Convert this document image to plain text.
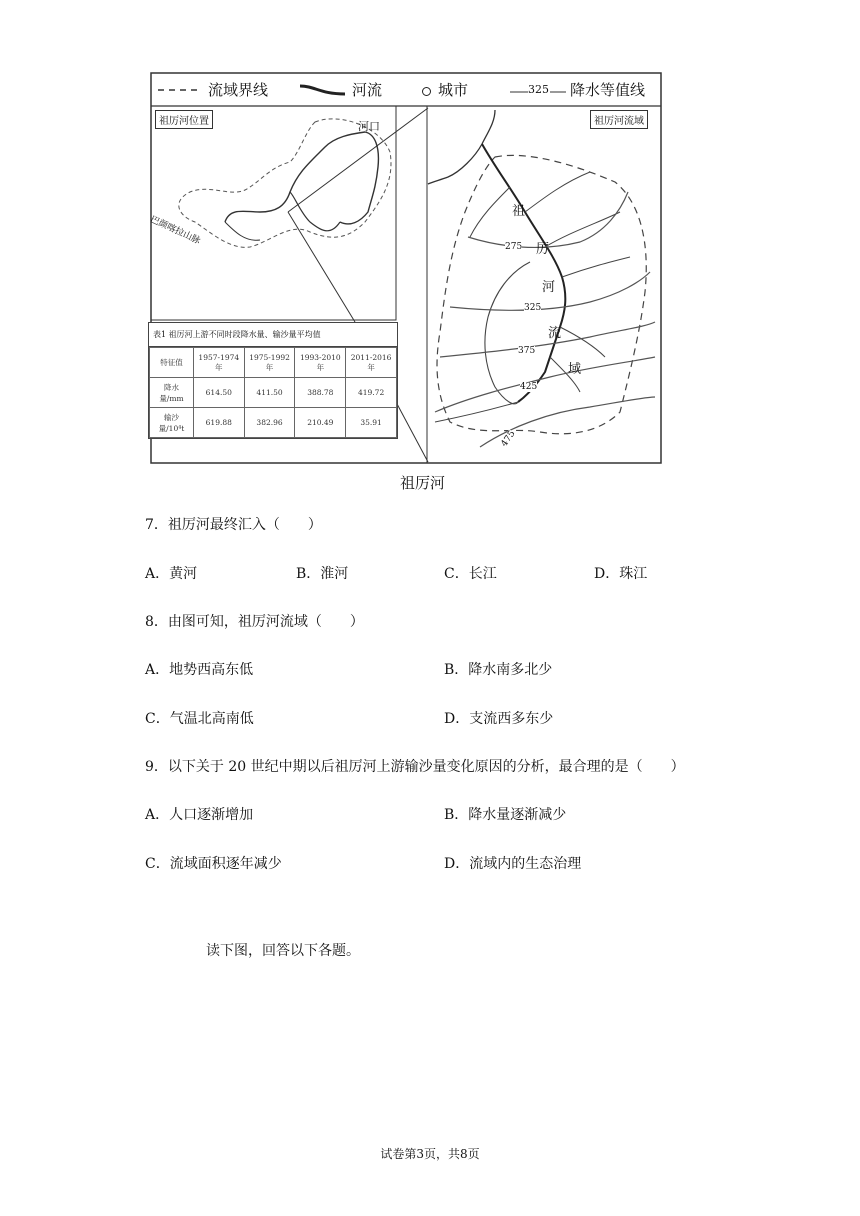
流域界线	河流	城市	325 降水等值线
祖厉河位置	祖厉河流域
河口
巴颜喀拉山脉
祖
厉
河
流
域
275
325
375
425
475
表1 祖厉河上游不同时段降水量、输沙量平均值
特征值	1957-1974年	1975-1992年	1993-2010年	2011-2016年
降水量/mm	614.50	411.50	388.78	419.72
输沙量/10⁴t	619.88	382.96	210.49	35.91
祖厉河
7．祖厉河最终汇入（　　）
A．黄河	B．淮河	C．长江	D．珠江
8．由图可知，祖厉河流域（　　）
A．地势西高东低	B．降水南多北少
C．气温北高南低	D．支流西多东少
9．以下关于 20 世纪中期以后祖厉河上游输沙量变化原因的分析，最合理的是（　　）
A．人口逐渐增加	B．降水量逐渐减少
C．流域面积逐年减少	D．流域内的生态治理
读下图，回答以下各题。
试卷第3页，共8页
